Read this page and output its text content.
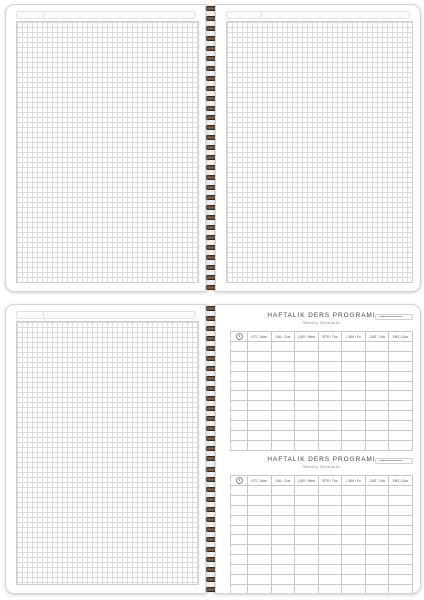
HAFTALIK DERS PROGRAMI
Weekly Schedule
	PZT / Mon	SAL / Tue	ÇAR / Wed	PER / Thu	CUM / Fri	CMT / Sat	PAZ / Sun

HAFTALIK DERS PROGRAMI
Weekly Schedule
	PZT / Mon	SAL / Tue	ÇAR / Wed	PER / Thu	CUM / Fri	CMT / Sat	PAZ / Sun
